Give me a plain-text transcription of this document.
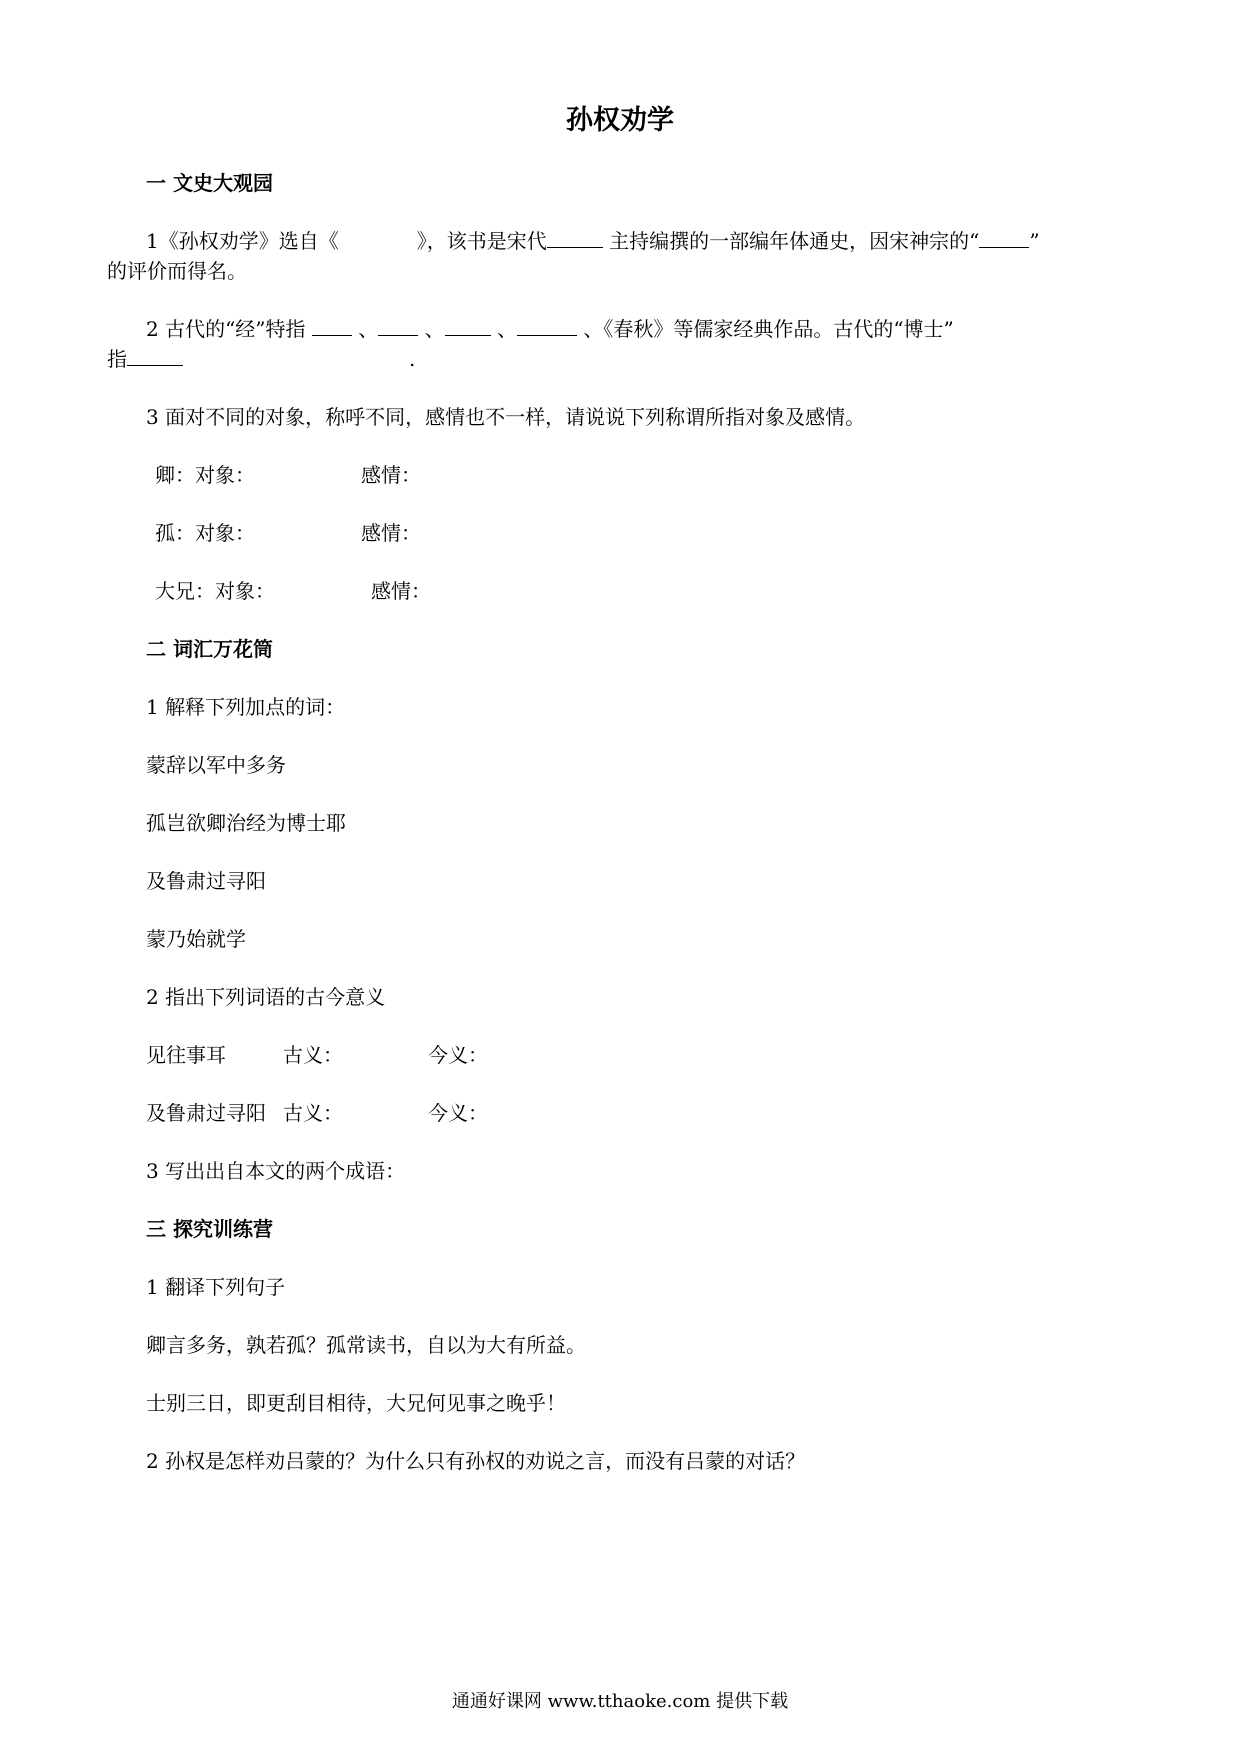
孙权劝学
一 文史大观园
1《孙权劝学》选自《	》，该书是宋代	主持编撰的一部编年体通史，因宋神宗的“	”
的评价而得名。
2 古代的“经”特指  、 、 、	、《春秋》等儒家经典作品。古代的“博士”
指	.
3 面对不同的对象，称呼不同，感情也不一样，请说说下列称谓所指对象及感情。
卿：对象：	感情：
孤：对象：	感情：
大兄：对象：	感情：
二 词汇万花筒
1 解释下列加点的词：
蒙辞以军中多务
孤岂欲卿治经为博士耶
及鲁肃过寻阳
蒙乃始就学
2 指出下列词语的古今意义
见往事耳	古义：	今义：
及鲁肃过寻阳 古义：	今义：
3 写出出自本文的两个成语：
三 探究训练营
1 翻译下列句子
卿言多务，孰若孤？孤常读书，自以为大有所益。
士别三日，即更刮目相待，大兄何见事之晚乎！
2 孙权是怎样劝吕蒙的？为什么只有孙权的劝说之言，而没有吕蒙的对话？
通通好课网 www.tthaoke.com 提供下载
